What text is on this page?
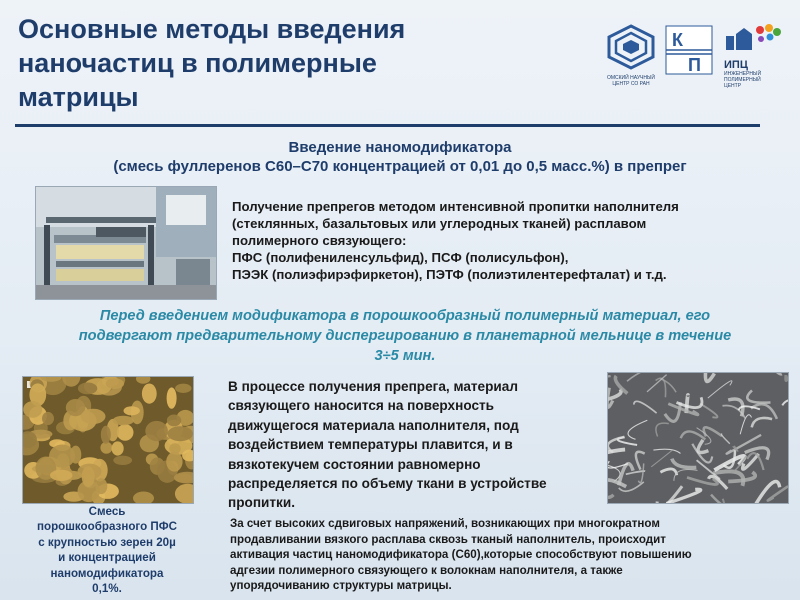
Основные методы введения
наночастиц в полимерные
матрицы
ОМСКИЙ НАУЧНЫЙ
ЦЕНТР СО РАН
К
П ИПЦ
ИНЖЕНЕРНЫЙ
ПОЛИМЕРНЫЙ
ЦЕНТР
Введение наномодификатора
(смесь фуллеренов С60–С70 концентрацией от 0,01 до 0,5 масс.%) в препрег
Получение препрегов методом интенсивной пропитки наполнителя
(стеклянных, базальтовых или углеродных тканей) расплавом
полимерного связующего:
ПФС (полифениленсульфид), ПСФ (полисульфон),
ПЭЭК (полиэфирэфиркетон), ПЭТФ (полиэтилентерефталат) и т.д.
Перед введением модификатора в порошкообразный полимерный материал, его
подвергают предварительному диспергированию в планетарной мельнице в течение
3÷5 мин.
Смесь
порошкообразного ПФС
с крупностью зерен 20µ
и концентрацией
наномодификатора
0,1%.
В процессе получения препрега, материал
связующего наносится на поверхность
движущегося материала наполнителя, под
воздействием температуры плавится, и в
вязкотекучем состоянии равномерно
распределяется по объему ткани в устройстве
пропитки.
За счет высоких сдвиговых напряжений, возникающих при многократном
продавливании вязкого расплава сквозь тканый наполнитель, происходит
активация частиц наномодификатора (С60),которые способствуют повышению
адгезии полимерного связующего к волокнам наполнителя, а также
упорядочиванию структуры матрицы.
